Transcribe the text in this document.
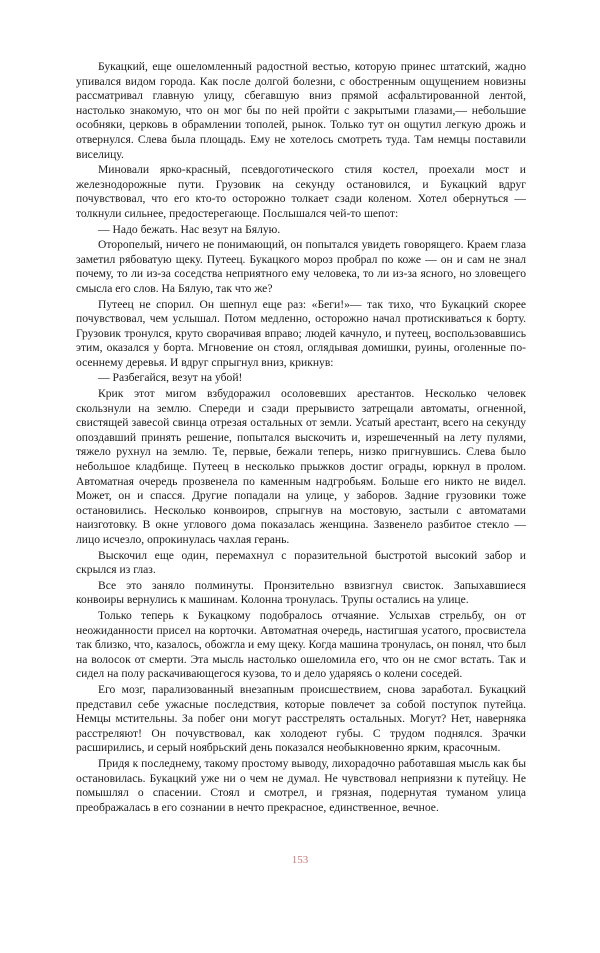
Букацкий, еще ошеломленный радостной вестью, которую принес штатский, жадно упивался видом города. Как после долгой болезни, с обостренным ощущением новизны рассматривал главную улицу, сбегавшую вниз прямой асфальтированной лентой, настолько знакомую, что он мог бы по ней пройти с закрытыми глазами,— небольшие особняки, церковь в обрамлении тополей, рынок. Только тут он ощутил легкую дрожь и отвернулся. Слева была площадь. Ему не хотелось смотреть туда. Там немцы поставили виселицу.

Миновали ярко-красный, псевдоготического стиля костел, проехали мост и железнодорожные пути. Грузовик на секунду остановился, и Букацкий вдруг почувствовал, что его кто-то осторожно толкает сзади коленом. Хотел обернуться — толкнули сильнее, предостерегающе. Послышался чей-то шепот:

— Надо бежать. Нас везут на Бялую.

Оторопелый, ничего не понимающий, он попытался увидеть говорящего. Краем глаза заметил рябоватую щеку. Путеец. Букацкого мороз пробрал по коже — он и сам не знал почему, то ли из-за соседства неприятного ему человека, то ли из-за ясного, но зловещего смысла его слов. На Бялую, так что же?

Путеец не спорил. Он шепнул еще раз: «Беги!»— так тихо, что Букацкий скорее почувствовал, чем услышал. Потом медленно, осторожно начал протискиваться к борту. Грузовик тронулся, круто сворачивая вправо; людей качнуло, и путеец, воспользовавшись этим, оказался у борта. Мгновение он стоял, оглядывая домишки, руины, оголенные по-осеннему деревья. И вдруг спрыгнул вниз, крикнув:

— Разбегайся, везут на убой!

Крик этот мигом взбудоражил осоловевших арестантов. Несколько человек скользнули на землю. Спереди и сзади прерывисто затрещали автоматы, огненной, свистящей завесой свинца отрезая остальных от земли. Усатый арестант, всего на секунду опоздавший принять решение, попытался выскочить и, изрешеченный на лету пулями, тяжело рухнул на землю. Те, первые, бежали теперь, низко пригнувшись. Слева было небольшое кладбище. Путеец в несколько прыжков достиг ограды, юркнул в пролом. Автоматная очередь прозвенела по каменным надгробьям. Больше его никто не видел. Может, он и спасся. Другие попадали на улице, у заборов. Задние грузовики тоже остановились. Несколько конвоиров, спрыгнув на мостовую, застыли с автоматами наизготовку. В окне углового дома показалась женщина. Зазвенело разбитое стекло — лицо исчезло, опрокинулась чахлая герань.

Выскочил еще один, перемахнул с поразительной быстротой высокий забор и скрылся из глаз.

Все это заняло полминуты. Пронзительно взвизгнул свисток. Запыхавшиеся конвоиры вернулись к машинам. Колонна тронулась. Трупы остались на улице.

Только теперь к Букацкому подобралось отчаяние. Услыхав стрельбу, он от неожиданности присел на корточки. Автоматная очередь, настигшая усатого, просвистела так близко, что, казалось, обожгла и ему щеку. Когда машина тронулась, он понял, что был на волосок от смерти. Эта мысль настолько ошеломила его, что он не смог встать. Так и сидел на полу раскачивающегося кузова, то и дело ударяясь о колени соседей.

Его мозг, парализованный внезапным происшествием, снова заработал. Букацкий представил себе ужасные последствия, которые повлечет за собой поступок путейца. Немцы мстительны. За побег они могут расстрелять остальных. Могут? Нет, наверняка расстреляют! Он почувствовал, как холодеют губы. С трудом поднялся. Зрачки расширились, и серый ноябрьский день показался необыкновенно ярким, красочным.

Придя к последнему, такому простому выводу, лихорадочно работавшая мысль как бы остановилась. Букацкий уже ни о чем не думал. Не чувствовал неприязни к путейцу. Не помышлял о спасении. Стоял и смотрел, и грязная, подернутая туманом улица преображалась в его сознании в нечто прекрасное, единственное, вечное.

153
